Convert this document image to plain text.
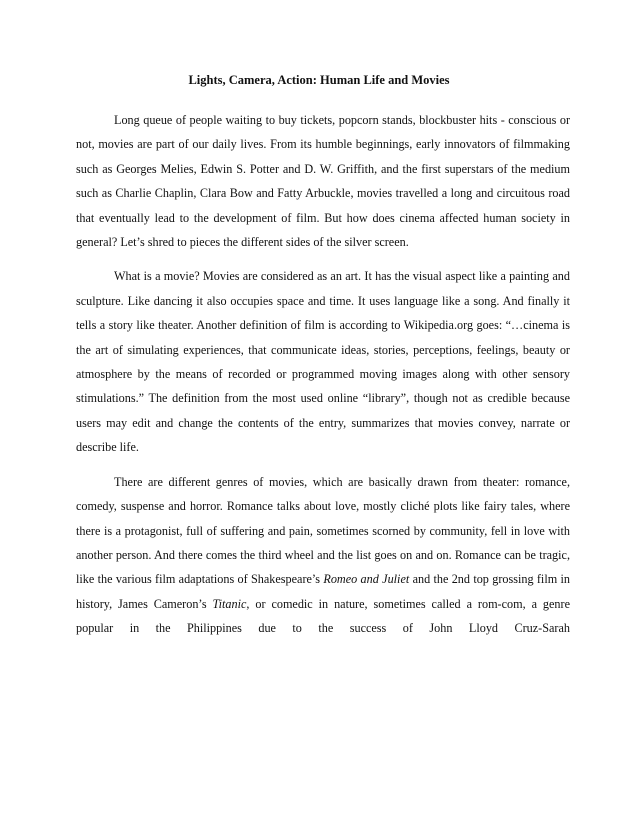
Lights, Camera, Action: Human Life and Movies

Long queue of people waiting to buy tickets, popcorn stands, blockbuster hits - conscious or not, movies are part of our daily lives. From its humble beginnings, early innovators of filmmaking such as Georges Melies, Edwin S. Potter and D. W. Griffith, and the first superstars of the medium such as Charlie Chaplin, Clara Bow and Fatty Arbuckle, movies travelled a long and circuitous road that eventually lead to the development of film. But how does cinema affected human society in general? Let’s shred to pieces the different sides of the silver screen.

What is a movie? Movies are considered as an art. It has the visual aspect like a painting and sculpture. Like dancing it also occupies space and time. It uses language like a song. And finally it tells a story like theater. Another definition of film is according to Wikipedia.org goes: “…cinema is the art of simulating experiences, that communicate ideas, stories, perceptions, feelings, beauty or atmosphere by the means of recorded or programmed moving images along with other sensory stimulations.” The definition from the most used online “library”, though not as credible because users may edit and change the contents of the entry, summarizes that movies convey, narrate or describe life.

There are different genres of movies, which are basically drawn from theater: romance, comedy, suspense and horror. Romance talks about love, mostly cliché plots like fairy tales, where there is a protagonist, full of suffering and pain, sometimes scorned by community, fell in love with another person. And there comes the third wheel and the list goes on and on. Romance can be tragic, like the various film adaptations of Shakespeare’s Romeo and Juliet and the 2nd top grossing film in history, James Cameron’s Titanic, or comedic in nature, sometimes called a rom-com, a genre popular in the Philippines due to the success of John Lloyd Cruz-Sarah
